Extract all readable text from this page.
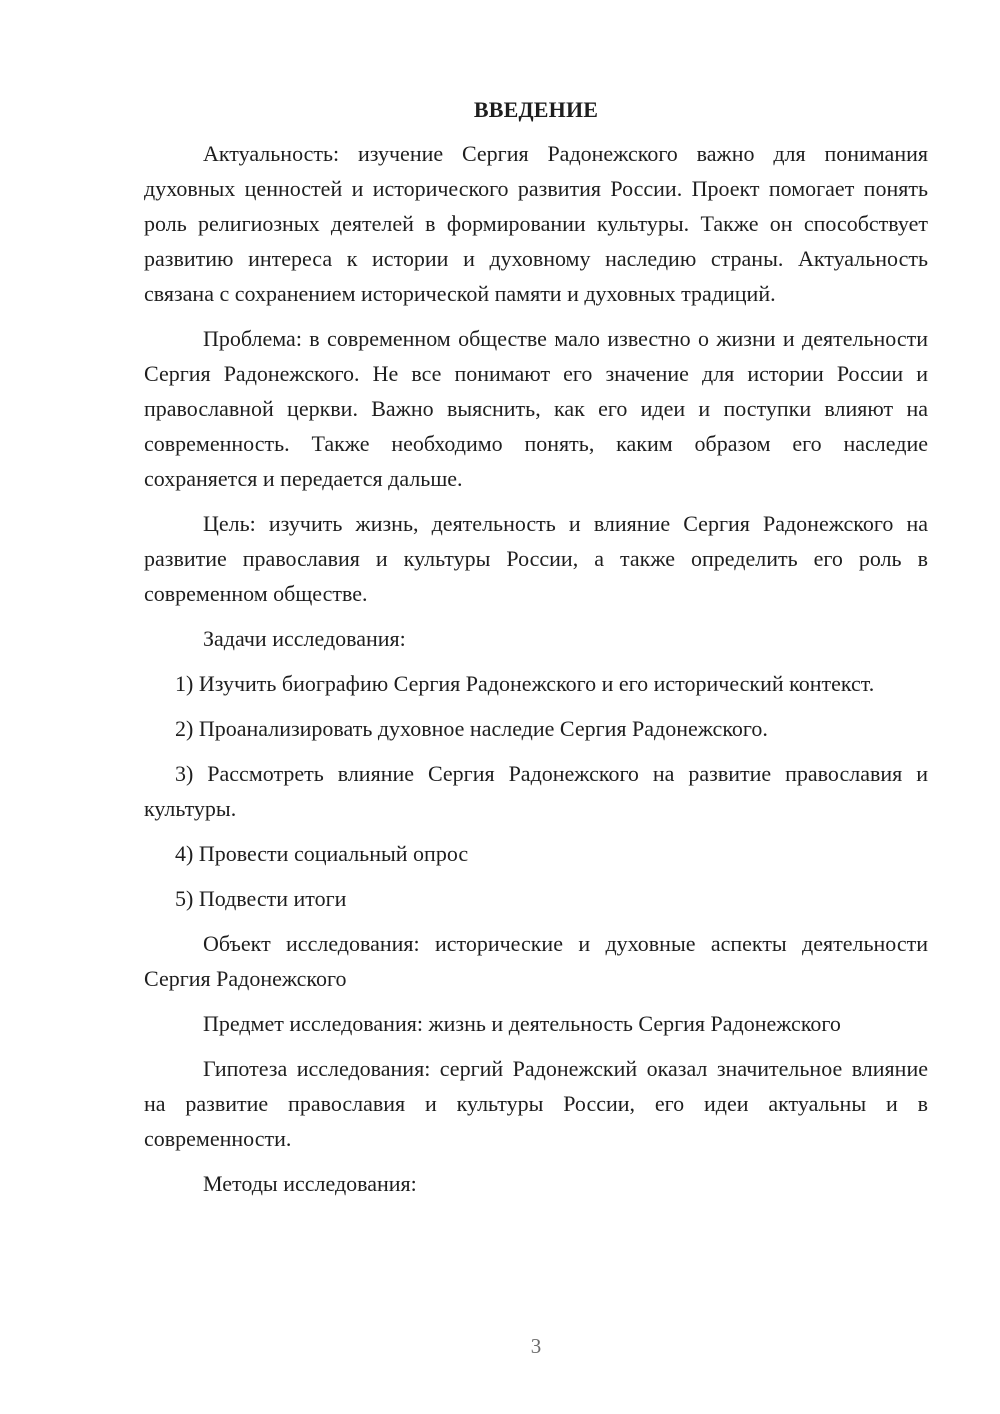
ВВЕДЕНИЕ

Актуальность: изучение Сергия Радонежского важно для понимания духовных ценностей и исторического развития России. Проект помогает понять роль религиозных деятелей в формировании культуры. Также он способствует развитию интереса к истории и духовному наследию страны. Актуальность связана с сохранением исторической памяти и духовных традиций.

Проблема: в современном обществе мало известно о жизни и деятельности Сергия Радонежского. Не все понимают его значение для истории России и православной церкви. Важно выяснить, как его идеи и поступки влияют на современность. Также необходимо понять, каким образом его наследие сохраняется и передается дальше.

Цель: изучить жизнь, деятельность и влияние Сергия Радонежского на развитие православия и культуры России, а также определить его роль в современном обществе.

Задачи исследования:

1) Изучить биографию Сергия Радонежского и его исторический контекст.

2) Проанализировать духовное наследие Сергия Радонежского.

3) Рассмотреть влияние Сергия Радонежского на развитие православия и культуры.

4) Провести социальный опрос

5) Подвести итоги

Объект исследования: исторические и духовные аспекты деятельности Сергия Радонежского

Предмет исследования: жизнь и деятельность Сергия Радонежского

Гипотеза исследования: сергий Радонежский оказал значительное влияние на развитие православия и культуры России, его идеи актуальны и в современности.

Методы исследования:

3
